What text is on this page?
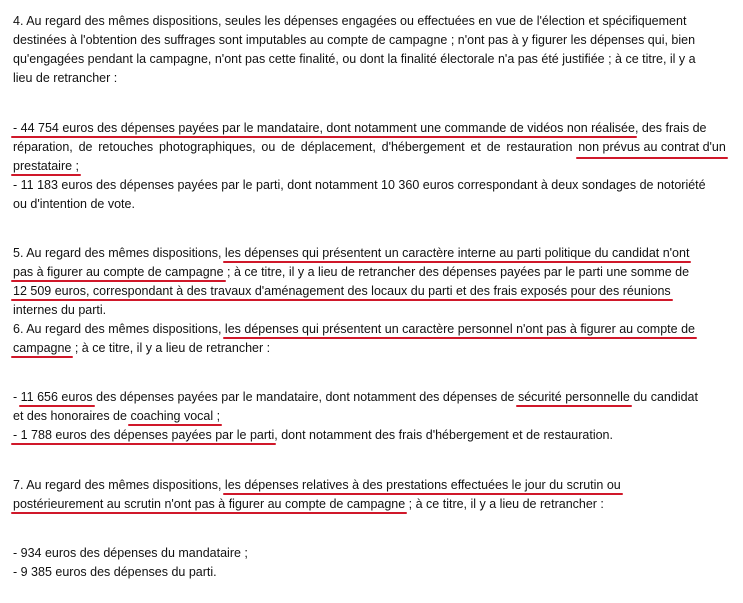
4. Au regard des mêmes dispositions, seules les dépenses engagées ou effectuées en vue de l'élection et spécifiquement

destinées à l'obtention des suffrages sont imputables au compte de campagne ; n'ont pas à y figurer les dépenses qui, bien

qu'engagées pendant la campagne, n'ont pas cette finalité, ou dont la finalité électorale n'a pas été justifiée ; à ce titre, il y a

lieu de retrancher :

- 44 754 euros des dépenses payées par le mandataire, dont notamment une commande de vidéos non réalisée, des frais de

réparation, de retouches photographiques, ou de déplacement, d'hébergement et de restauration non prévus au contrat d'un

prestataire ;

- 11 183 euros des dépenses payées par le parti, dont notamment 10 360 euros correspondant à deux sondages de notoriété

ou d'intention de vote.

5. Au regard des mêmes dispositions, les dépenses qui présentent un caractère interne au parti politique du candidat n'ont

pas à figurer au compte de campagne ; à ce titre, il y a lieu de retrancher des dépenses payées par le parti une somme de

12 509 euros, correspondant à des travaux d'aménagement des locaux du parti et des frais exposés pour des réunions

internes du parti.

6. Au regard des mêmes dispositions, les dépenses qui présentent un caractère personnel n'ont pas à figurer au compte de

campagne ; à ce titre, il y a lieu de retrancher :

- 11 656 euros des dépenses payées par le mandataire, dont notamment des dépenses de sécurité personnelle du candidat

et des honoraires de coaching vocal ;

- 1 788 euros des dépenses payées par le parti, dont notamment des frais d'hébergement et de restauration.

7. Au regard des mêmes dispositions, les dépenses relatives à des prestations effectuées le jour du scrutin ou

postérieurement au scrutin n'ont pas à figurer au compte de campagne ; à ce titre, il y a lieu de retrancher :

- 934 euros des dépenses du mandataire ;

- 9 385 euros des dépenses du parti.
